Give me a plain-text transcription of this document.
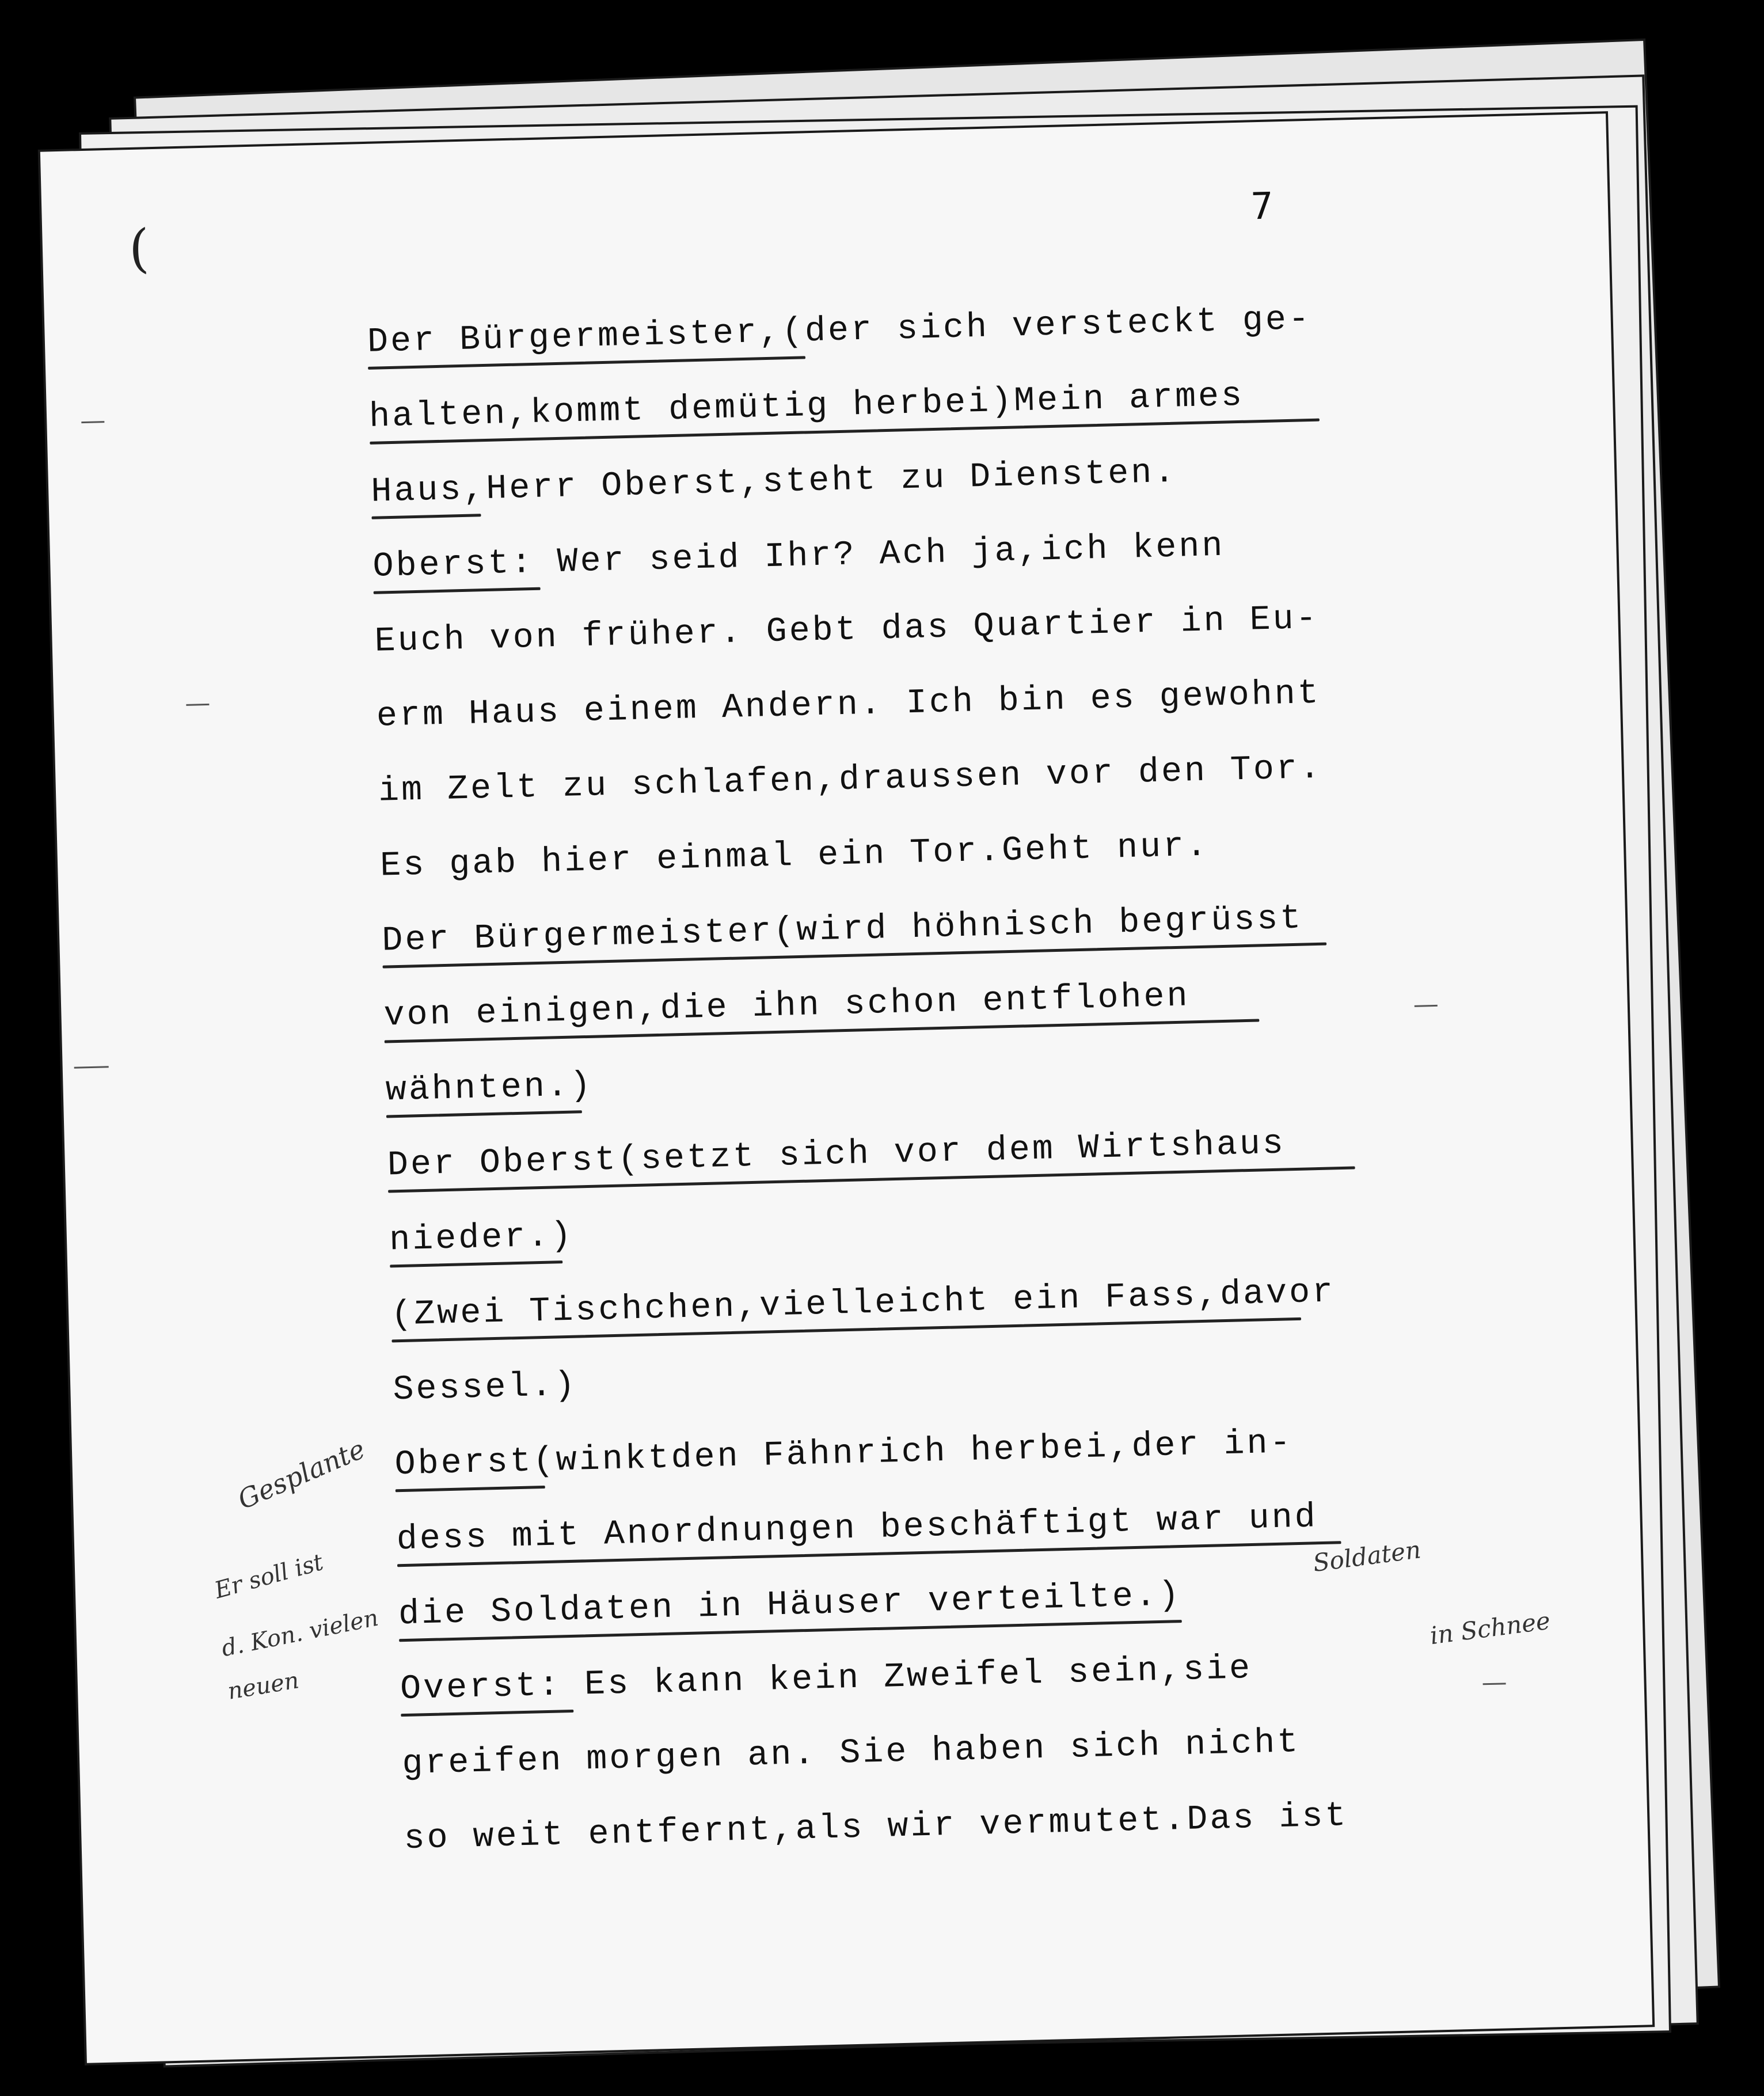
(
7
Der Bürgermeister,(der sich versteckt ge-
halten,kommt demütig herbei)Mein armes
Haus,Herr Oberst,steht zu Diensten.
Oberst: Wer seid Ihr? Ach ja,ich kenn
Euch von früher. Gebt das Quartier in Eu-
erm Haus einem Andern. Ich bin es gewohnt
im Zelt zu schlafen,draussen vor den Tor.
Es gab hier einmal ein Tor.Geht nur.
Der Bürgermeister(wird höhnisch begrüsst
von einigen,die ihn schon entflohen
wähnten.)
Der Oberst(setzt sich vor dem Wirtshaus
nieder.)
(Zwei Tischchen,vielleicht ein Fass,davor
Sessel.)
Oberst(winktden Fähnrich herbei,der in-
dess mit Anordnungen beschäftigt war und
die Soldaten in Häuser verteilte.)
Overst: Es kann kein Zweifel sein,sie
greifen morgen an. Sie haben sich nicht
so weit entfernt,als wir vermutet.Das ist
Gesplante
Er soll ist
d. Kon. vielen
neuen
Soldaten
in Schnee
